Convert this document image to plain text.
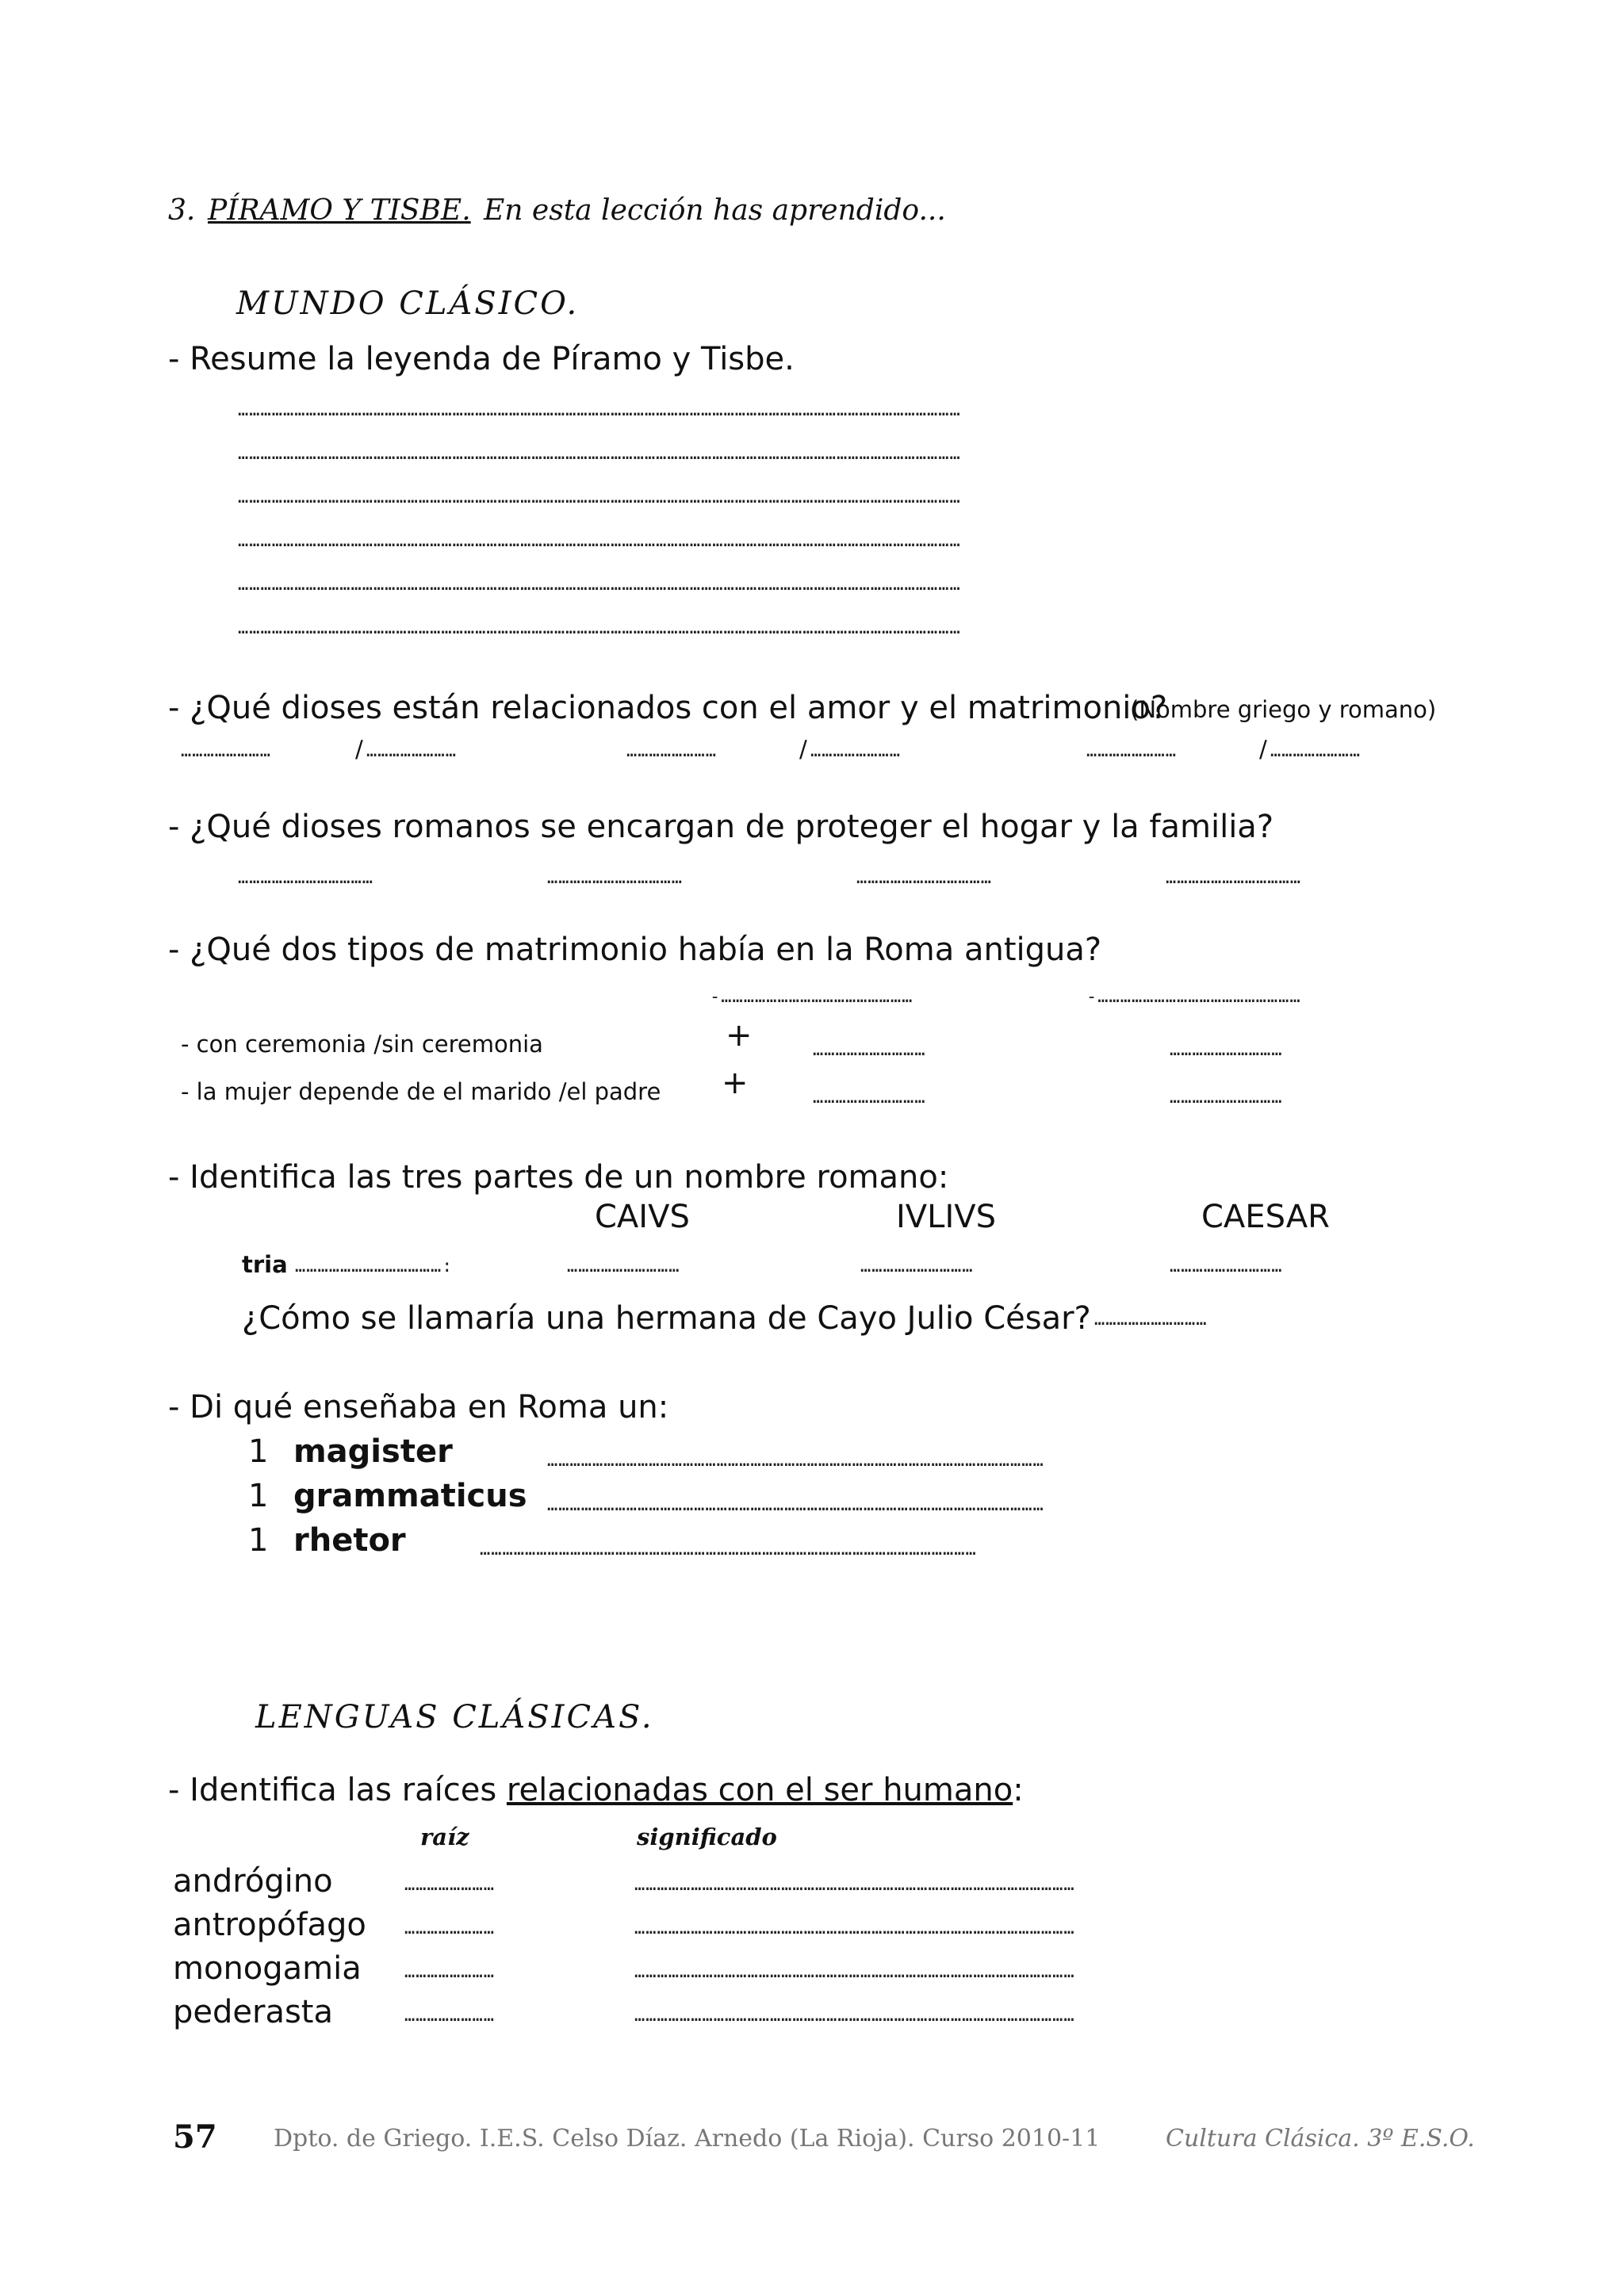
3. PÍRAMO Y TISBE. En esta lección has aprendido...
MUNDO CLÁSICO.
- Resume la leyenda de Píramo y Tisbe.
…………………………………………………………………………………………………………………………………………………………………………
…………………………………………………………………………………………………………………………………………………………………………
…………………………………………………………………………………………………………………………………………………………………………
…………………………………………………………………………………………………………………………………………………………………………
…………………………………………………………………………………………………………………………………………………………………………
…………………………………………………………………………………………………………………………………………………………………………
- ¿Qué dioses están relacionados con el amor y el matrimonio?
(Nombre griego y romano)
……………………	/ ……………………	……………………	/ ……………………	……………………	/ ……………………
- ¿Qué dioses romanos se encargan de proteger el hogar y la familia?
………………………………	………………………………	………………………………	………………………………
- ¿Qué dos tipos de matrimonio había en la Roma antigua?
-……………………………………………	-………………………………………………
- con ceremonia /sin ceremonia	+	…………………………	…………………………
- la mujer depende de el marido /el padre +	…………………………	…………………………
- Identifica las tres partes de un nombre romano:
CAIVS	IVLIVS	CAESAR
tria …………………………………:	…………………………	…………………………	…………………………
¿Cómo se llamaría una hermana de Cayo Julio César? …………………………
- Di qué enseñaba en Roma un:
1 magister	……………………………………………………………………………………………………………………
1 grammaticus ……………………………………………………………………………………………………………………
1 rhetor	……………………………………………………………………………………………………………………
LENGUAS CLÁSICAS.
- Identifica las raíces relacionadas con el ser humano:
raíz	significado
andrógino	……………………	………………………………………………………………………………………………………
antropófago ……………………	………………………………………………………………………………………………………
monogamia ……………………	………………………………………………………………………………………………………
pederasta	……………………	………………………………………………………………………………………………………
57 Dpto. de Griego. I.E.S. Celso Díaz. Arnedo (La Rioja). Curso 2010-11	Cultura Clásica. 3º E.S.O.
